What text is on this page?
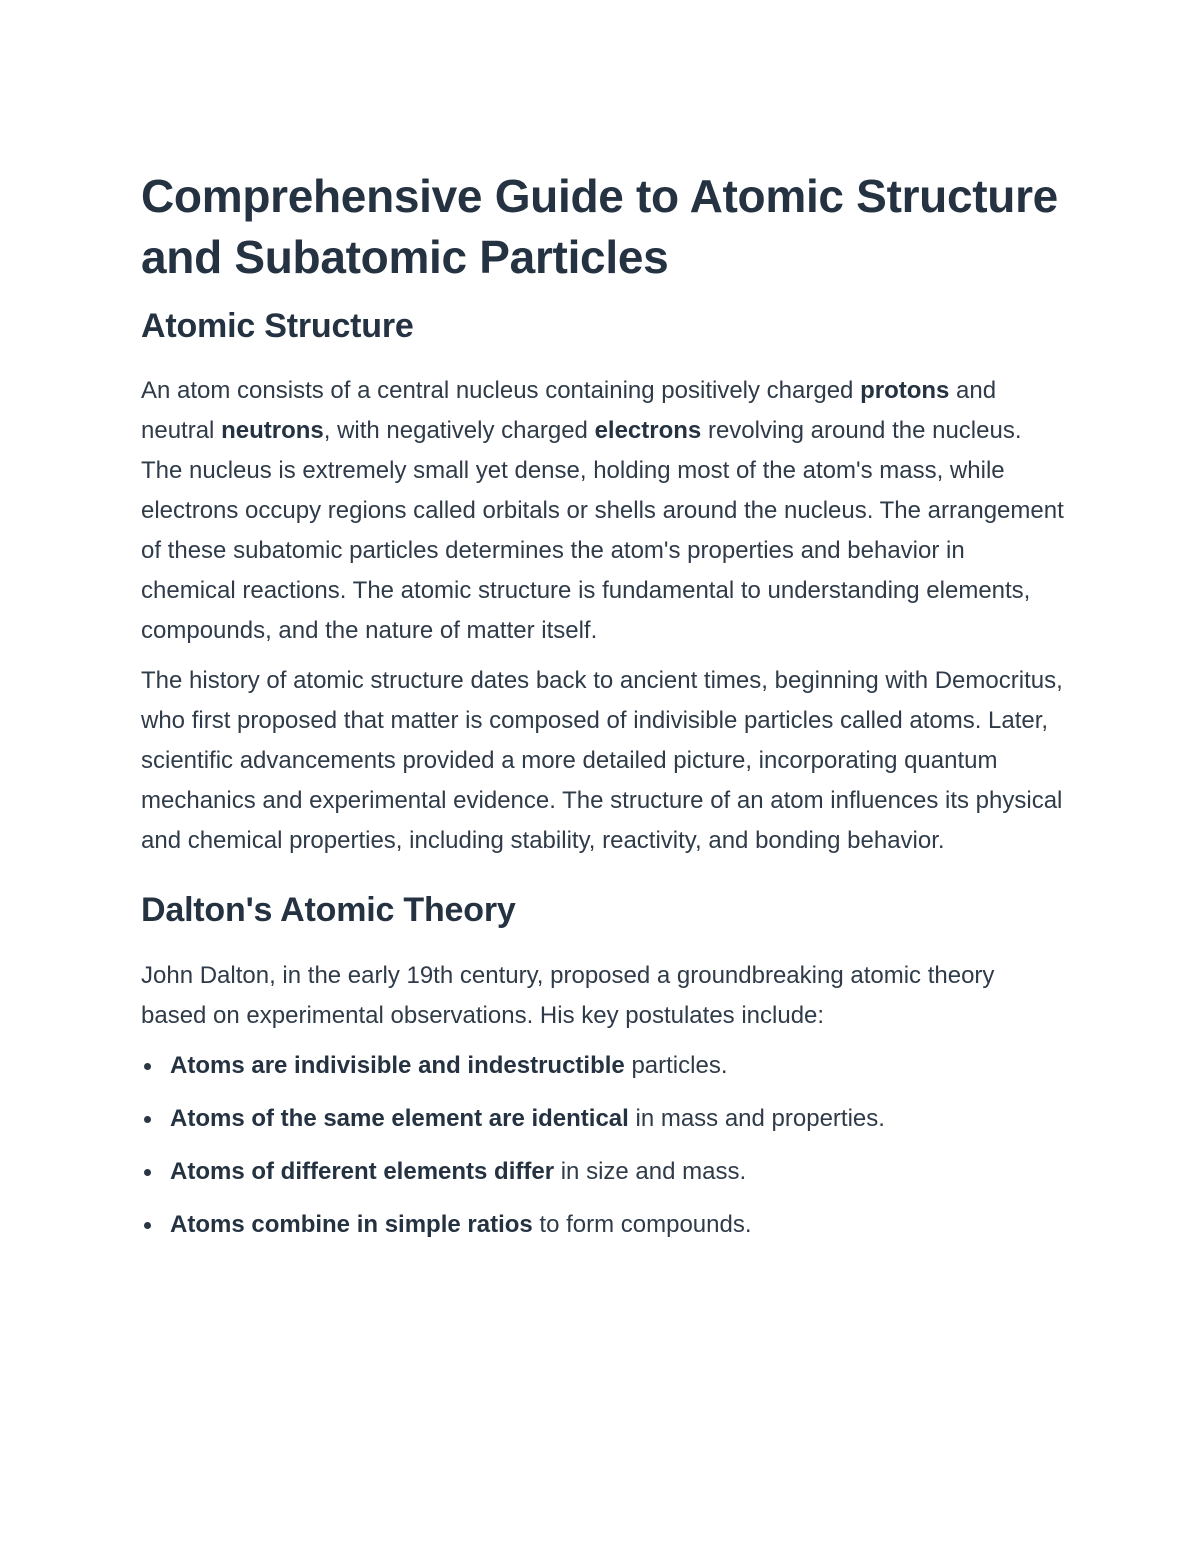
Comprehensive Guide to Atomic Structure and Subatomic Particles
Atomic Structure

An atom consists of a central nucleus containing positively charged protons and neutral neutrons, with negatively charged electrons revolving around the nucleus. The nucleus is extremely small yet dense, holding most of the atom's mass, while electrons occupy regions called orbitals or shells around the nucleus. The arrangement of these subatomic particles determines the atom's properties and behavior in chemical reactions. The atomic structure is fundamental to understanding elements, compounds, and the nature of matter itself.

The history of atomic structure dates back to ancient times, beginning with Democritus, who first proposed that matter is composed of indivisible particles called atoms. Later, scientific advancements provided a more detailed picture, incorporating quantum mechanics and experimental evidence. The structure of an atom influences its physical and chemical properties, including stability, reactivity, and bonding behavior.

Dalton's Atomic Theory

John Dalton, in the early 19th century, proposed a groundbreaking atomic theory based on experimental observations. His key postulates include:

Atoms are indivisible and indestructible particles.
Atoms of the same element are identical in mass and properties.
Atoms of different elements differ in size and mass.
Atoms combine in simple ratios to form compounds.
